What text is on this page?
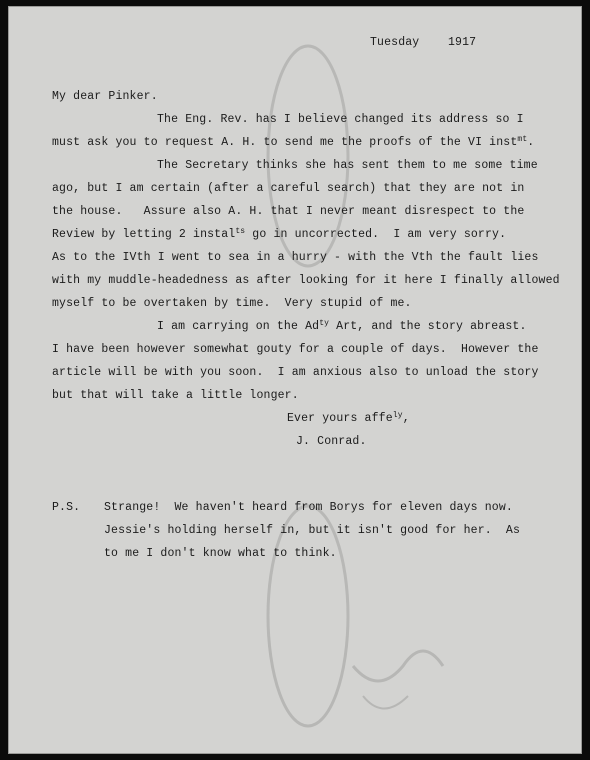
Tuesday 1917
My dear Pinker.
The Eng. Rev. has I believe changed its address so I
must ask you to request A. H. to send me the proofs of the VI inst$^{mt}$.
The Secretary thinks she has sent them to me some time
ago, but I am certain (after a careful search) that they are not in
the house.   Assure also A. H. that I never meant disrespect to the
Review by letting 2 instal$^{ts}$ go in uncorrected.  I am very sorry.
As to the IVth I went to sea in a hurry - with the Vth the fault lies
with my muddle-headedness as after looking for it here I finally allowed
myself to be overtaken by time.  Very stupid of me.
I am carrying on the $Ad^{ty}$ Art, and the story abreast.
I have been however somewhat gouty for a couple of days.  However the
article will be with you soon.  I am anxious also to unload the story
but that will take a little longer.
Ever yours affe$^{ly}$,
J. Conrad.
P.S. Strange!  We haven't heard from Borys for eleven days now.
Jessie's holding herself in, but it isn't good for her.  As
to me I don't know what to think.
